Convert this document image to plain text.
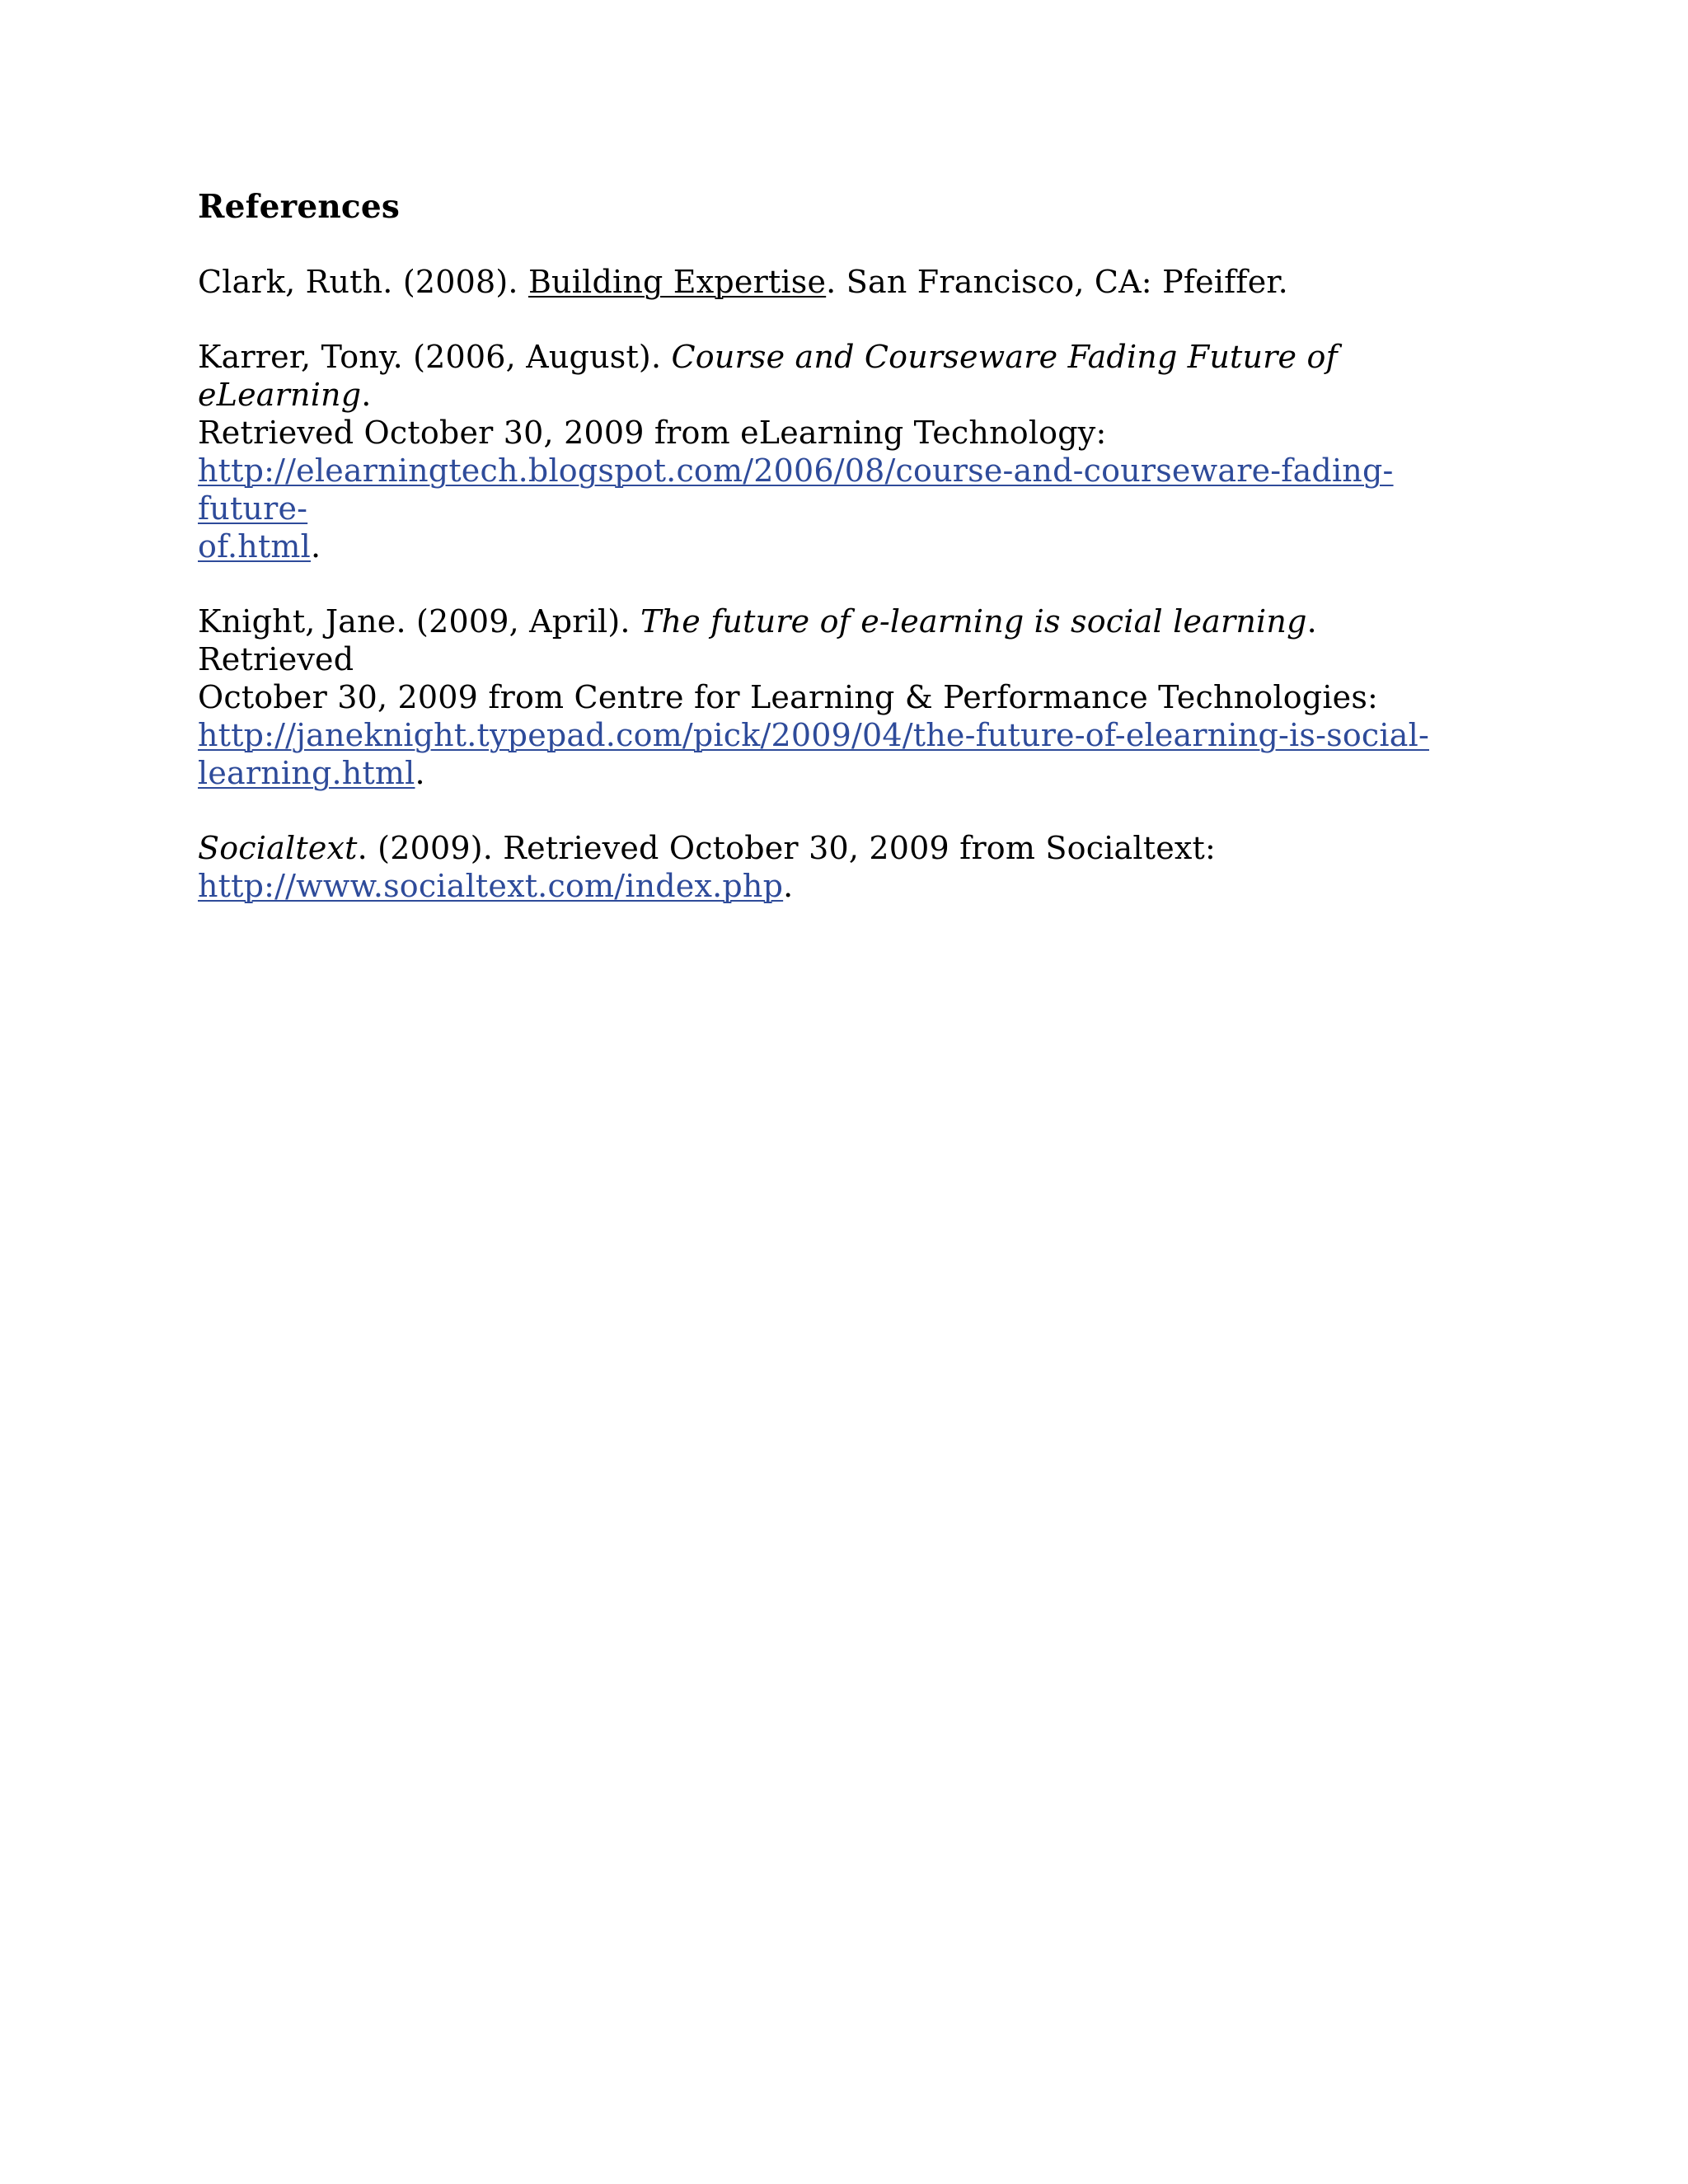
References
Clark, Ruth. (2008). Building Expertise. San Francisco, CA: Pfeiffer.
Karrer, Tony. (2006, August). Course and Courseware Fading Future of eLearning.
Retrieved October 30, 2009 from eLearning Technology:
http://elearningtech.blogspot.com/2006/08/course-and-courseware-fading-future-
of.html.
Knight, Jane. (2009, April). The future of e-learning is social learning. Retrieved
October 30, 2009 from Centre for Learning & Performance Technologies:
http://janeknight.typepad.com/pick/2009/04/the-future-of-elearning-is-social-
learning.html.
Socialtext. (2009). Retrieved October 30, 2009 from Socialtext:
http://www.socialtext.com/index.php.
